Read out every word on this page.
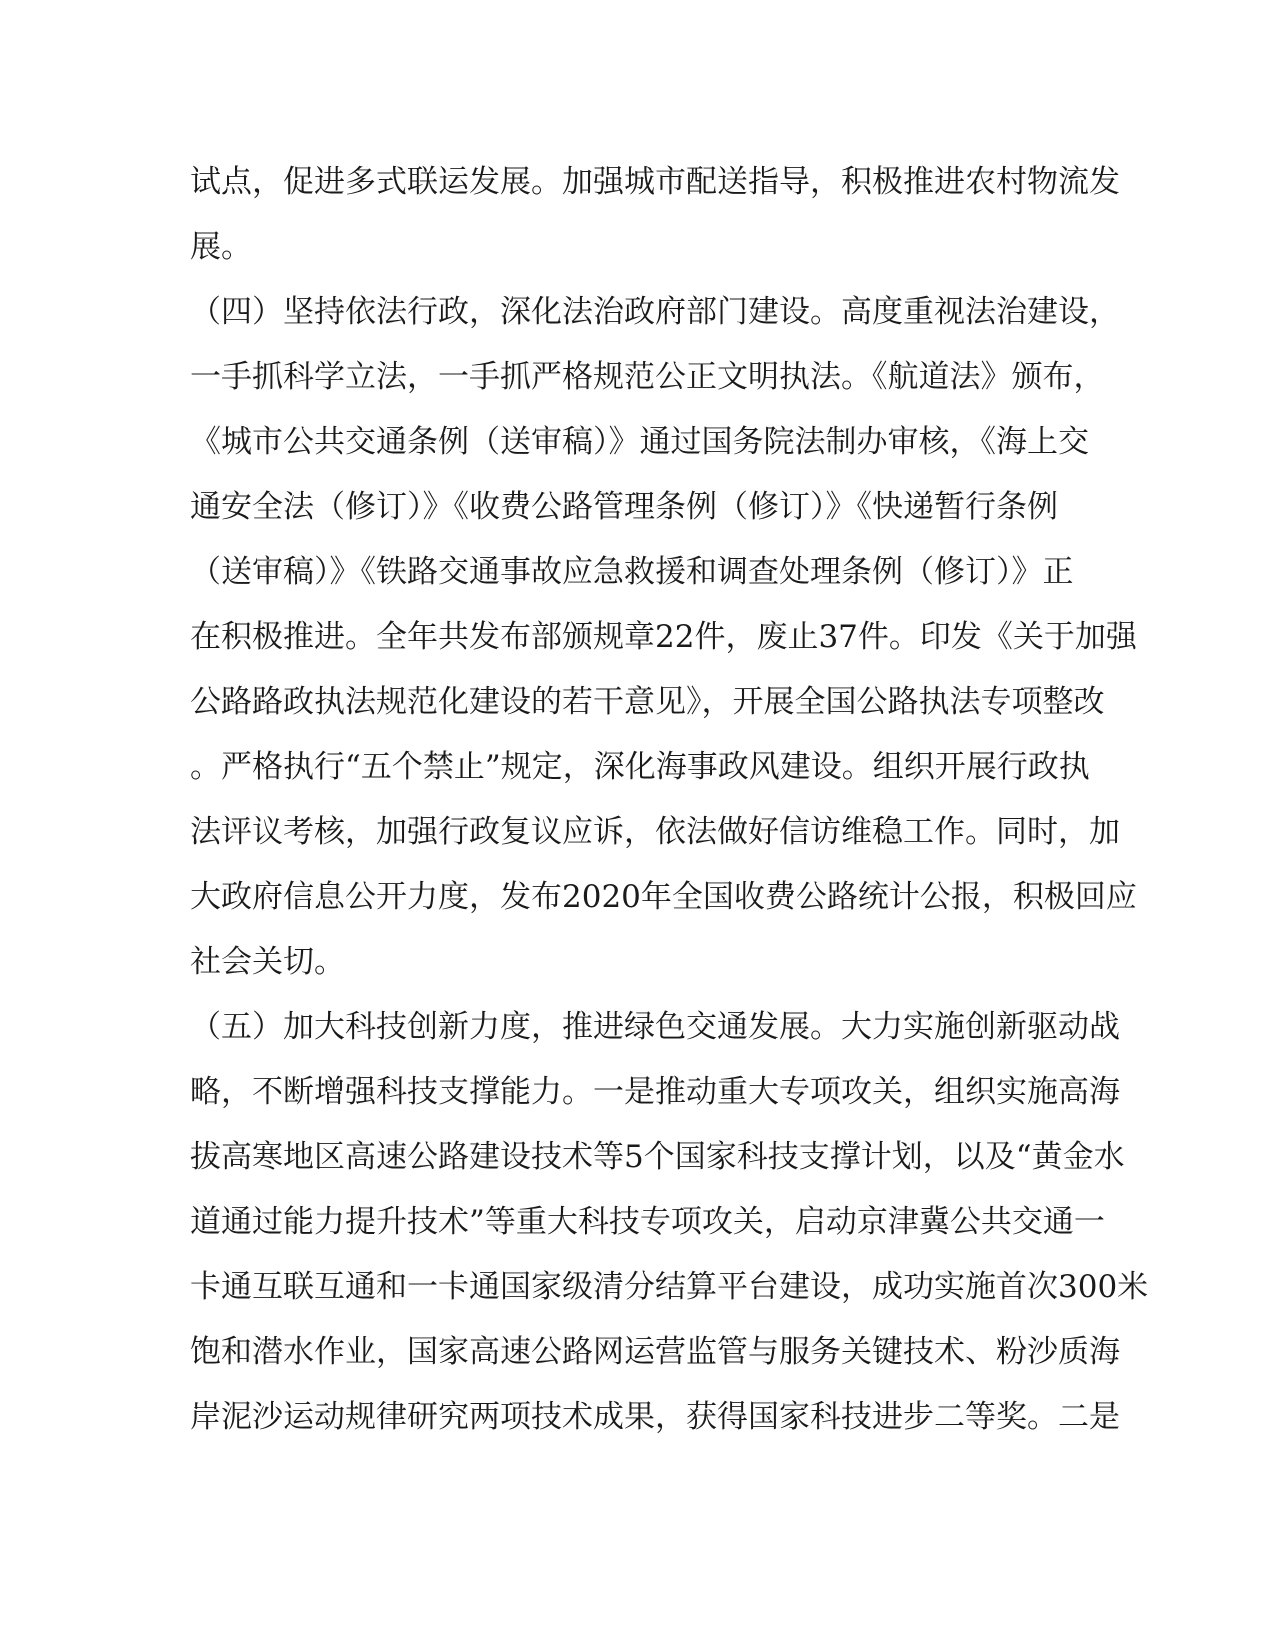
试点，促进多式联运发展。加强城市配送指导，积极推进农村物流发
展。
（四）坚持依法行政，深化法治政府部门建设。高度重视法治建设，
一手抓科学立法，一手抓严格规范公正文明执法。《航道法》颁布，
《城市公共交通条例（送审稿）》通过国务院法制办审核，《海上交
通安全法（修订）》《收费公路管理条例（修订）》《快递暂行条例
（送审稿）》《铁路交通事故应急救援和调查处理条例（修订）》正
在积极推进。全年共发布部颁规章22件，废止37件。印发《关于加强
公路路政执法规范化建设的若干意见》，开展全国公路执法专项整改
。严格执行“五个禁止”规定，深化海事政风建设。组织开展行政执
法评议考核，加强行政复议应诉，依法做好信访维稳工作。同时，加
大政府信息公开力度，发布2020年全国收费公路统计公报，积极回应
社会关切。
（五）加大科技创新力度，推进绿色交通发展。大力实施创新驱动战
略，不断增强科技支撑能力。一是推动重大专项攻关，组织实施高海
拔高寒地区高速公路建设技术等5个国家科技支撑计划，以及“黄金水
道通过能力提升技术”等重大科技专项攻关，启动京津冀公共交通一
卡通互联互通和一卡通国家级清分结算平台建设，成功实施首次300米
饱和潜水作业，国家高速公路网运营监管与服务关键技术、粉沙质海
岸泥沙运动规律研究两项技术成果，获得国家科技进步二等奖。二是
